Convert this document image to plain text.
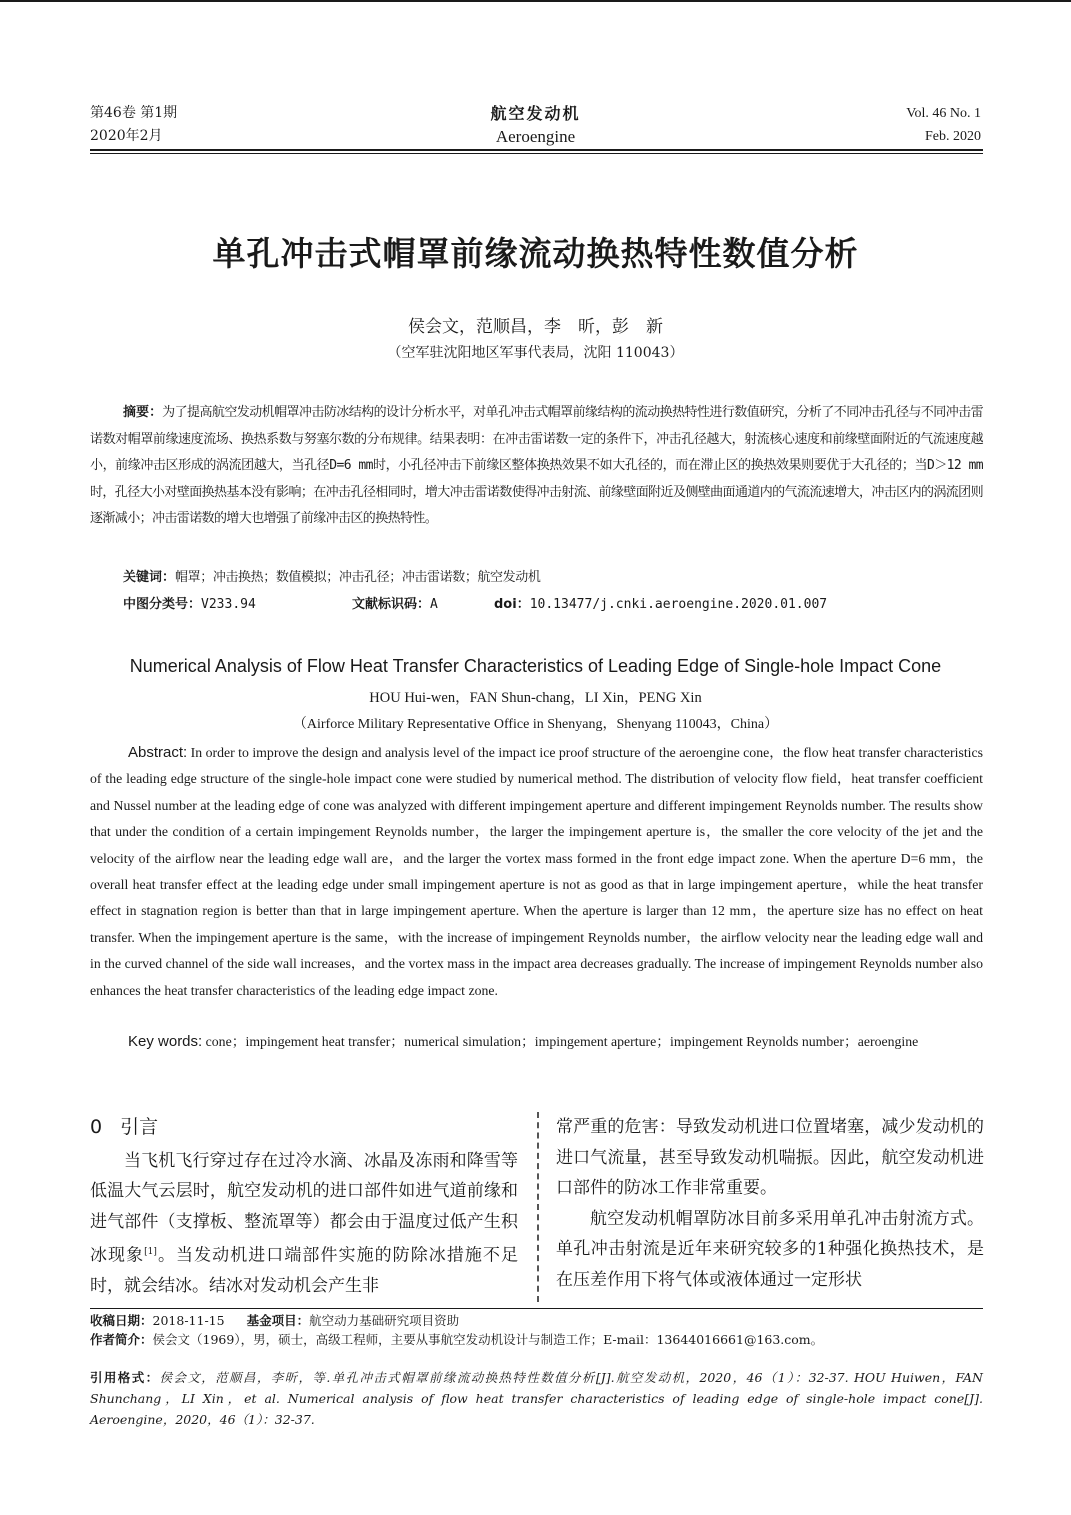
第46卷 第1期
2020年2月
航空发动机
Aeroengine
Vol. 46 No. 1
Feb. 2020
单孔冲击式帽罩前缘流动换热特性数值分析
侯会文，范顺昌，李　昕，彭　新
（空军驻沈阳地区军事代表局，沈阳 110043）
摘要：为了提高航空发动机帽罩冲击防冰结构的设计分析水平，对单孔冲击式帽罩前缘结构的流动换热特性进行数值研究，分析了不同冲击孔径与不同冲击雷诺数对帽罩前缘速度流场、换热系数与努塞尔数的分布规律。结果表明：在冲击雷诺数一定的条件下，冲击孔径越大，射流核心速度和前缘壁面附近的气流速度越小，前缘冲击区形成的涡流团越大，当孔径D=6 mm时，小孔径冲击下前缘区整体换热效果不如大孔径的，而在滞止区的换热效果则要优于大孔径的；当D＞12 mm时，孔径大小对壁面换热基本没有影响；在冲击孔径相同时，增大冲击雷诺数使得冲击射流、前缘壁面附近及侧壁曲面通道内的气流流速增大，冲击区内的涡流团则逐渐减小；冲击雷诺数的增大也增强了前缘冲击区的换热特性。
关键词：帽罩；冲击换热；数值模拟；冲击孔径；冲击雷诺数；航空发动机
中图分类号：V233.94	文献标识码：A	doi：10.13477/j.cnki.aeroengine.2020.01.007
Numerical Analysis of Flow Heat Transfer Characteristics of Leading Edge of Single-hole Impact Cone
HOU Hui-wen，FAN Shun-chang，LI Xin，PENG Xin
（Airforce Military Representative Office in Shenyang，Shenyang 110043，China）
Abstract: In order to improve the design and analysis level of the impact ice proof structure of the aeroengine cone，the flow heat transfer characteristics of the leading edge structure of the single-hole impact cone were studied by numerical method. The distribution of velocity flow field，heat transfer coefficient and Nussel number at the leading edge of cone was analyzed with different impingement aperture and different impingement Reynolds number. The results show that under the condition of a certain impingement Reynolds number，the larger the impingement aperture is，the smaller the core velocity of the jet and the velocity of the airflow near the leading edge wall are，and the larger the vortex mass formed in the front edge impact zone. When the aperture D=6 mm，the overall heat transfer effect at the leading edge under small impingement aperture is not as good as that in large impingement aperture，while the heat transfer effect in stagnation region is better than that in large impingement aperture. When the aperture is larger than 12 mm，the aperture size has no effect on heat transfer. When the impingement aperture is the same，with the increase of impingement Reynolds number，the airflow velocity near the leading edge wall and in the curved channel of the side wall increases，and the vortex mass in the impact area decreases gradually. The increase of impingement Reynolds number also enhances the heat transfer characteristics of the leading edge impact zone.
Key words: cone；impingement heat transfer；numerical simulation；impingement aperture；impingement Reynolds number；aeroengine
0 引言

当飞机飞行穿过存在过冷水滴、冰晶及冻雨和降雪等低温大气云层时，航空发动机的进口部件如进气道前缘和进气部件（支撑板、整流罩等）都会由于温度过低产生积冰现象[1]。当发动机进口端部件实施的防除冰措施不足时，就会结冰。结冰对发动机会产生非

常严重的危害：导致发动机进口位置堵塞，减少发动机的进口气流量，甚至导致发动机喘振。因此，航空发动机进口部件的防冰工作非常重要。

航空发动机帽罩防冰目前多采用单孔冲击射流方式。单孔冲击射流是近年来研究较多的1种强化换热技术，是在压差作用下将气体或液体通过一定形状

收稿日期：2018-11-15 基金项目：航空动力基础研究项目资助
作者简介：侯会文（1969），男，硕士，高级工程师，主要从事航空发动机设计与制造工作；E-mail：13644016661@163.com。
引用格式：侯会文，范顺昌，李昕，等.单孔冲击式帽罩前缘流动换热特性数值分析[J].航空发动机，2020，46（1）：32-37. HOU Huiwen，FAN Shunchang，LI Xin，et al. Numerical analysis of flow heat transfer characteristics of leading edge of single-hole impact cone[J]. Aeroengine，2020，46（1）：32-37.
